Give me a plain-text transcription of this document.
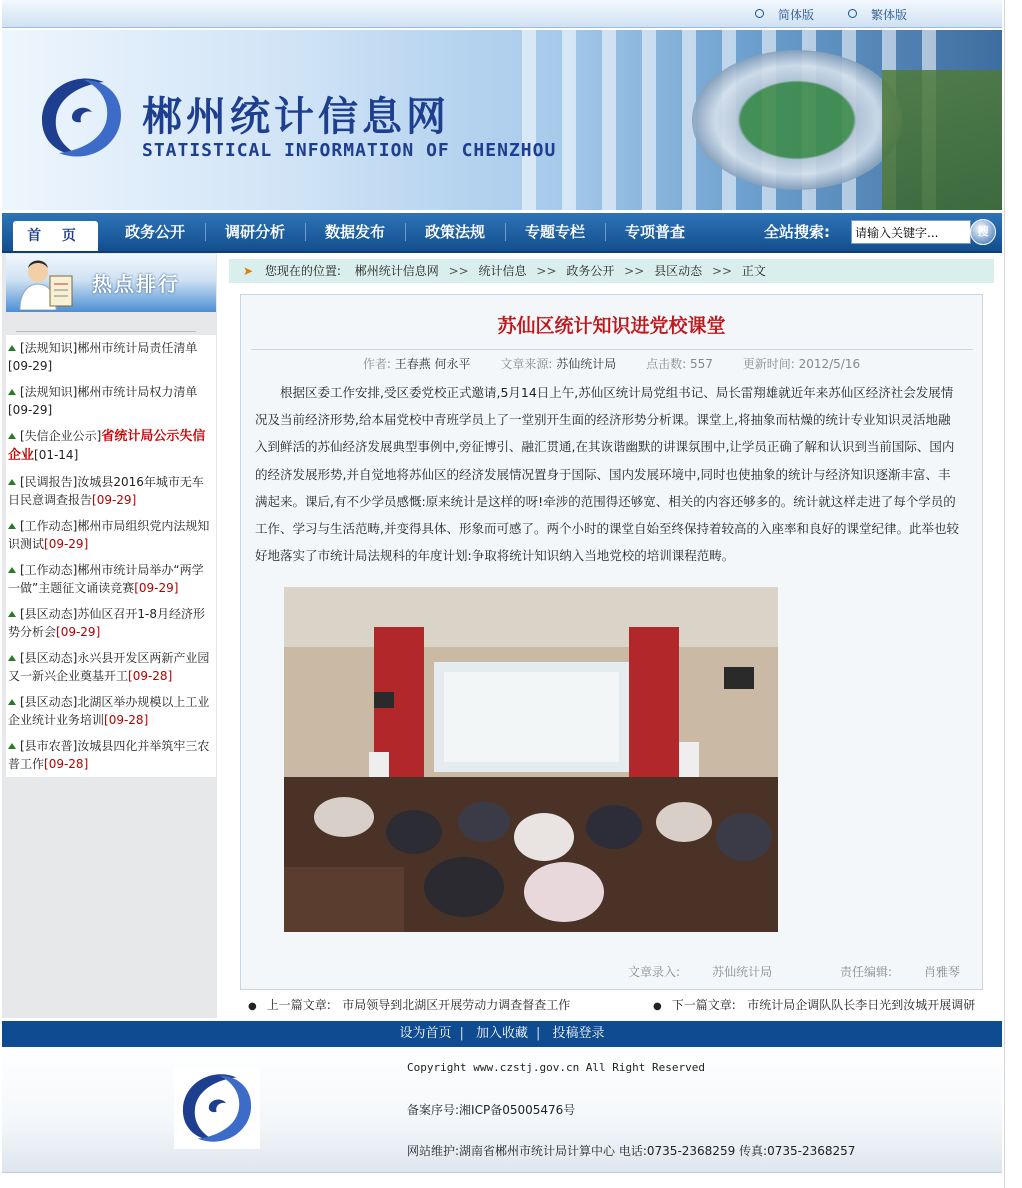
简体版	繁体版
郴州统计信息网
STATISTICAL INFORMATION OF CHENZHOU
首 页	政务公开	调研分析	数据发布	政策法规	专题专栏	专项普查	全站搜索:
请输入关键字...	搜
热点排行
[法规知识]郴州市统计局责任清单
[09-29]
[法规知识]郴州市统计局权力清单
[09-29]
[失信企业公示]省统计局公示失信企业[01-14]
[民调报告]汝城县2016年城市无车日民意调查报告[09-29]
[工作动态]郴州市局组织党内法规知识测试[09-29]
[工作动态]郴州市统计局举办“两学一做”主题征文诵读竞赛[09-29]
[县区动态]苏仙区召开1-8月经济形势分析会[09-29]
[县区动态]永兴县开发区两新产业园又一新兴企业奠基开工[09-28]
[县区动态]北湖区举办规模以上工业企业统计业务培训[09-28]
[县市农普]汝城县四化并举筑牢三农普工作[09-28]
➤ 您现在的位置: 郴州统计信息网 >> 统计信息 >> 政务公开 >> 县区动态 >> 正文
苏仙区统计知识进党校课堂
作者: 王春燕 何永平 文章来源: 苏仙统计局 点击数: 557 更新时间: 2012/5/16

根据区委工作安排,受区委党校正式邀请,5月14日上午,苏仙区统计局党组书记、局长雷翔雄就近年来苏仙区经济社会发展情况及当前经济形势,给本届党校中青班学员上了一堂别开生面的经济形势分析课。课堂上,将抽象而枯燥的统计专业知识灵活地融入到鲜活的苏仙经济发展典型事例中,旁征博引、融汇贯通,在其诙谐幽默的讲课氛围中,让学员正确了解和认识到当前国际、国内的经济发展形势,并自觉地将苏仙区的经济发展情况置身于国际、国内发展环境中,同时也使抽象的统计与经济知识逐渐丰富、丰满起来。课后,有不少学员感慨:原来统计是这样的呀!牵涉的范围得还够宽、相关的内容还够多的。统计就这样走进了每个学员的工作、学习与生活范畴,并变得具体、形象而可感了。两个小时的课堂自始至终保持着较高的入座率和良好的课堂纪律。此举也较好地落实了市统计局法规科的年度计划:争取将统计知识纳入当地党校的培训课程范畴。

文章录入:	苏仙统计局	责任编辑:	肖雅琴
● 上一篇文章: 市局领导到北湖区开展劳动力调查督查工作	● 下一篇文章: 市统计局企调队队长李日光到汝城开展调研
设为首页 | 加入收藏 | 投稿登录
Copyright www.czstj.gov.cn All Right Reserved
备案序号:湘ICP备05005476号
网站维护:湖南省郴州市统计局计算中心 电话:0735-2368259 传真:0735-2368257
